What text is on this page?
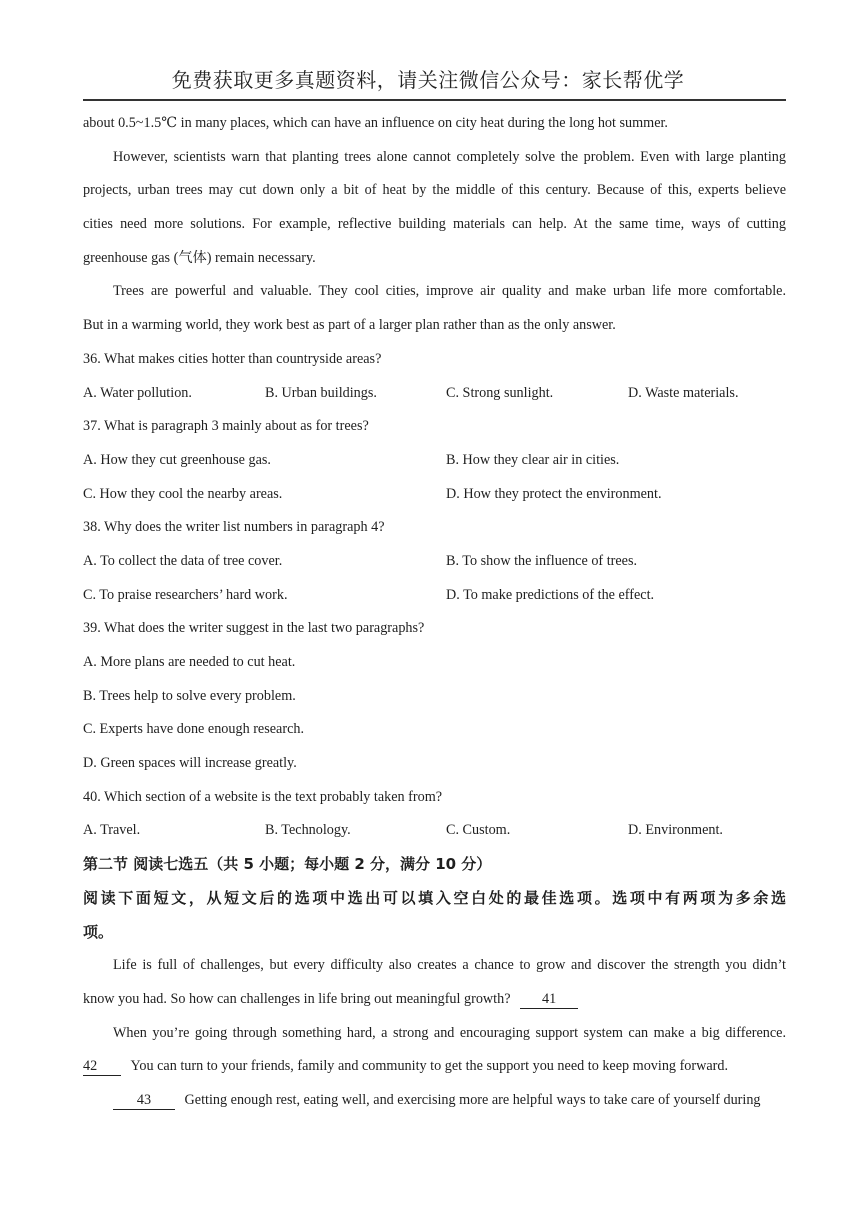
免费获取更多真题资料，请关注微信公众号：家长帮优学
about 0.5~1.5℃ in many places, which can have an influence on city heat during the long hot summer.
However, scientists warn that planting trees alone cannot completely solve the problem. Even with large planting
projects, urban trees may cut down only a bit of heat by the middle of this century. Because of this, experts believe
cities need more solutions. For example, reflective building materials can help. At the same time, ways of cutting
greenhouse gas (气体) remain necessary.
Trees are powerful and valuable. They cool cities, improve air quality and make urban life more comfortable.
But in a warming world, they work best as part of a larger plan rather than as the only answer.
36. What makes cities hotter than countryside areas?
A. Water pollution.	B. Urban buildings.	C. Strong sunlight.	D. Waste materials.
37. What is paragraph 3 mainly about as for trees?
A. How they cut greenhouse gas.	B. How they clear air in cities.
C. How they cool the nearby areas.	D. How they protect the environment.
38. Why does the writer list numbers in paragraph 4?
A. To collect the data of tree cover.	B. To show the influence of trees.
C. To praise researchers’ hard work.	D. To make predictions of the effect.
39. What does the writer suggest in the last two paragraphs?
A. More plans are needed to cut heat.
B. Trees help to solve every problem.
C. Experts have done enough research.
D. Green spaces will increase greatly.
40. Which section of a website is the text probably taken from?
A. Travel.	B. Technology.	C. Custom.	D. Environment.
第二节 阅读七选五（共 5 小题；每小题 2 分，满分 10 分）
阅读下面短文，从短文后的选项中选出可以填入空白处的最佳选项。选项中有两项为多余选
项。
Life is full of challenges, but every difficulty also creates a chance to grow and discover the strength you didn’t
know you had. So how can challenges in life bring out meaningful growth? 41
When you’re going through something hard, a strong and encouraging support system can make a big difference.
42 You can turn to your friends, family and community to get the support you need to keep moving forward.
43 Getting enough rest, eating well, and exercising more are helpful ways to take care of yourself during
